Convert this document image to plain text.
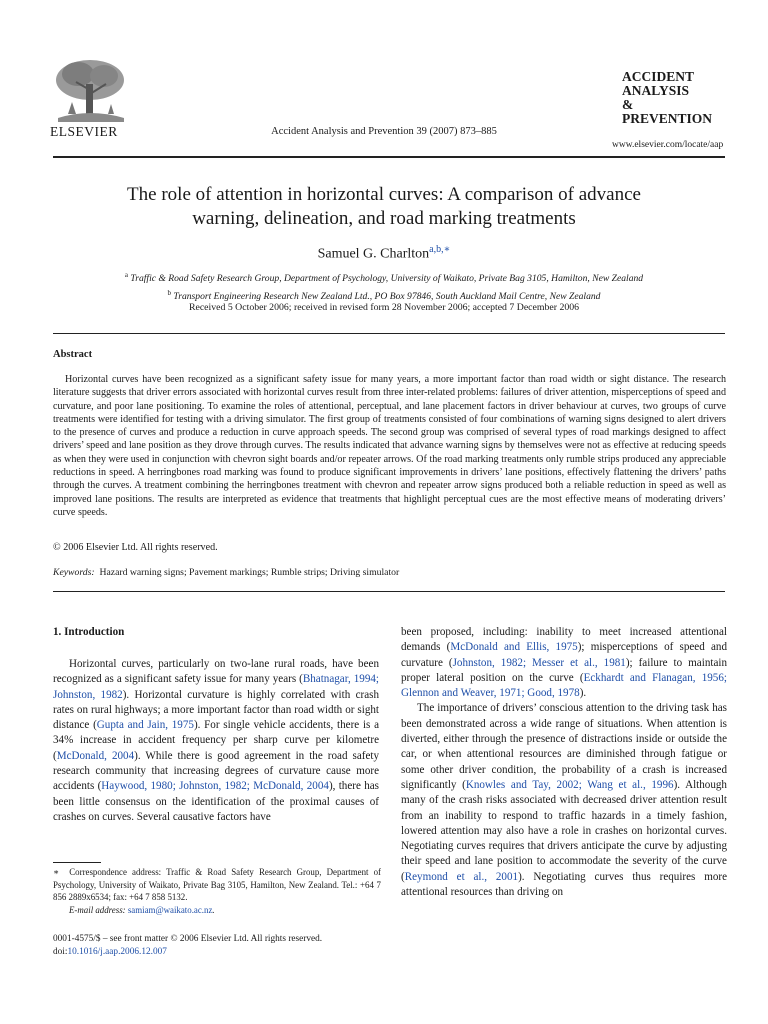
ELSEVIER	Accident Analysis and Prevention 39 (2007) 873–885
ACCIDENT
ANALYSIS
&
PREVENTION
www.elsevier.com/locate/aap
The role of attention in horizontal curves: A comparison of advance
warning, delineation, and road marking treatments
Samuel G. Charlton$^{a,b,∗}$
$^a$ Traffic & Road Safety Research Group, Department of Psychology, University of Waikato, Private Bag 3105, Hamilton, New Zealand
$^b$ Transport Engineering Research New Zealand Ltd., PO Box 97846, South Auckland Mail Centre, New Zealand
Received 5 October 2006; received in revised form 28 November 2006; accepted 7 December 2006
Abstract
Horizontal curves have been recognized as a significant safety issue for many years, a more important factor than road width or sight distance. The research literature suggests that driver errors associated with horizontal curves result from three inter-related problems: failures of driver attention, misperceptions of speed and curvature, and poor lane positioning. To examine the roles of attentional, perceptual, and lane placement factors in driver behaviour at curves, two groups of curve treatments were identified for testing with a driving simulator. The first group of treatments consisted of four combinations of warning signs designed to alert drivers to the presence of curves and produce a reduction in curve approach speeds. The second group was comprised of several types of road markings designed to affect drivers’ speed and lane position as they drove through curves. The results indicated that advance warning signs by themselves were not as effective at reducing speeds as when they were used in conjunction with chevron sight boards and/or repeater arrows. Of the road marking treatments only rumble strips produced any appreciable reductions in speed. A herringbones road marking was found to produce significant improvements in drivers’ lane positions, effectively flattening the drivers’ paths through the curves. A treatment combining the herringbones treatment with chevron and repeater arrow signs produced both a reliable reduction in speed as well as improved lane positions. The results are interpreted as evidence that treatments that highlight perceptual cues are the most effective means of moderating drivers’ curve speeds.
© 2006 Elsevier Ltd. All rights reserved.
Keywords: Hazard warning signs; Pavement markings; Rumble strips; Driving simulator
1. Introduction

Horizontal curves, particularly on two-lane rural roads, have been recognized as a significant safety issue for many years (Bhatnagar, 1994; Johnston, 1982). Horizontal curvature is highly correlated with crash rates on rural highways; a more important factor than road width or sight distance (Gupta and Jain, 1975). For single vehicle accidents, there is a 34% increase in accident frequency per sharp curve per kilometre (McDonald, 2004). While there is good agreement in the road safety research community that increasing degrees of curvature cause more accidents (Haywood, 1980; Johnston, 1982; McDonald, 2004), there has been little consensus on the identification of the proximal causes of crashes on curves. Several causative factors have

been proposed, including: inability to meet increased attentional demands (McDonald and Ellis, 1975); misperceptions of speed and curvature (Johnston, 1982; Messer et al., 1981); failure to maintain proper lateral position on the curve (Eckhardt and Flanagan, 1956; Glennon and Weaver, 1971; Good, 1978).

The importance of drivers’ conscious attention to the driving task has been demonstrated across a wide range of situations. When attention is diverted, either through the presence of distractions inside or outside the car, or when attentional resources are diminished through fatigue or some other driver condition, the probability of a crash is increased significantly (Knowles and Tay, 2002; Wang et al., 1996). Although many of the crash risks associated with decreased driver attention result from an inability to respond to traffic hazards in a timely fashion, lowered attention may also have a role in crashes on horizontal curves. Negotiating curves requires that drivers anticipate the curve by adjusting their speed and lane position to accommodate the severity of the curve (Reymond et al., 2001). Negotiating curves thus requires more attentional resources than driving on

∗ Correspondence address: Traffic & Road Safety Research Group, Department of Psychology, University of Waikato, Private Bag 3105, Hamilton, New Zealand. Tel.: +64 7 856 2889x6534; fax: +64 7 858 5132.
E-mail address: samiam@waikato.ac.nz.
0001-4575/$ – see front matter © 2006 Elsevier Ltd. All rights reserved.
doi:10.1016/j.aap.2006.12.007
